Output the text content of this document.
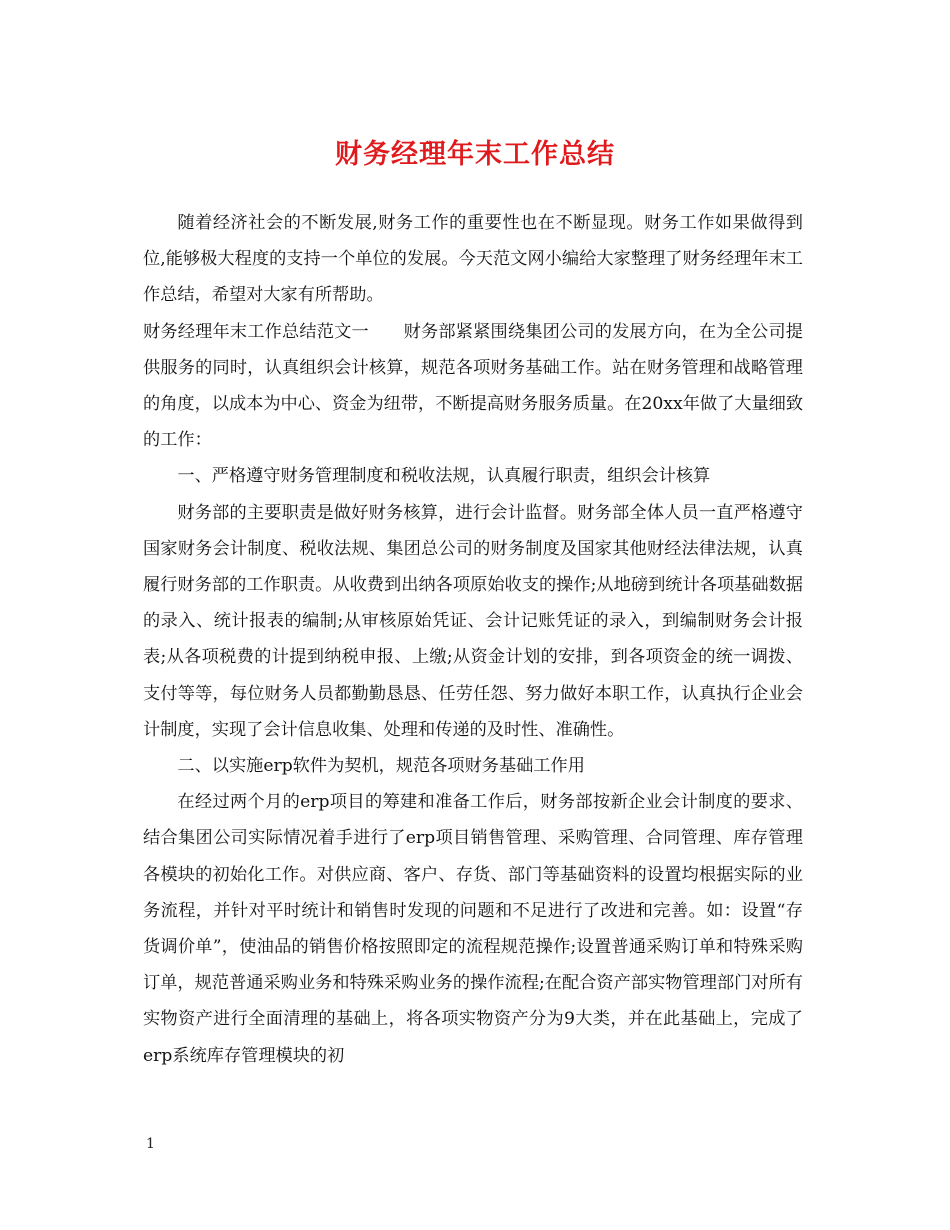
财务经理年末工作总结

随着经济社会的不断发展,财务工作的重要性也在不断显现。财务工作如果做得到位,能够极大程度的支持一个单位的发展。今天范文网小编给大家整理了财务经理年末工作总结，希望对大家有所帮助。

财务经理年末工作总结范文一　　财务部紧紧围绕集团公司的发展方向，在为全公司提供服务的同时，认真组织会计核算，规范各项财务基础工作。站在财务管理和战略管理的角度，以成本为中心、资金为纽带，不断提高财务服务质量。在20xx年做了大量细致的工作：

一、严格遵守财务管理制度和税收法规，认真履行职责，组织会计核算

财务部的主要职责是做好财务核算，进行会计监督。财务部全体人员一直严格遵守国家财务会计制度、税收法规、集团总公司的财务制度及国家其他财经法律法规，认真履行财务部的工作职责。从收费到出纳各项原始收支的操作;从地磅到统计各项基础数据的录入、统计报表的编制;从审核原始凭证、会计记账凭证的录入，到编制财务会计报表;从各项税费的计提到纳税申报、上缴;从资金计划的安排，到各项资金的统一调拨、支付等等，每位财务人员都勤勤恳恳、任劳任怨、努力做好本职工作，认真执行企业会计制度，实现了会计信息收集、处理和传递的及时性、准确性。

二、以实施erp软件为契机，规范各项财务基础工作用

在经过两个月的erp项目的筹建和准备工作后，财务部按新企业会计制度的要求、结合集团公司实际情况着手进行了erp项目销售管理、采购管理、合同管理、库存管理各模块的初始化工作。对供应商、客户、存货、部门等基础资料的设置均根据实际的业务流程，并针对平时统计和销售时发现的问题和不足进行了改进和完善。如：设置“存货调价单”，使油品的销售价格按照即定的流程规范操作;设置普通采购订单和特殊采购订单，规范普通采购业务和特殊采购业务的操作流程;在配合资产部实物管理部门对所有实物资产进行全面清理的基础上，将各项实物资产分为9大类，并在此基础上，完成了erp系统库存管理模块的初

1
